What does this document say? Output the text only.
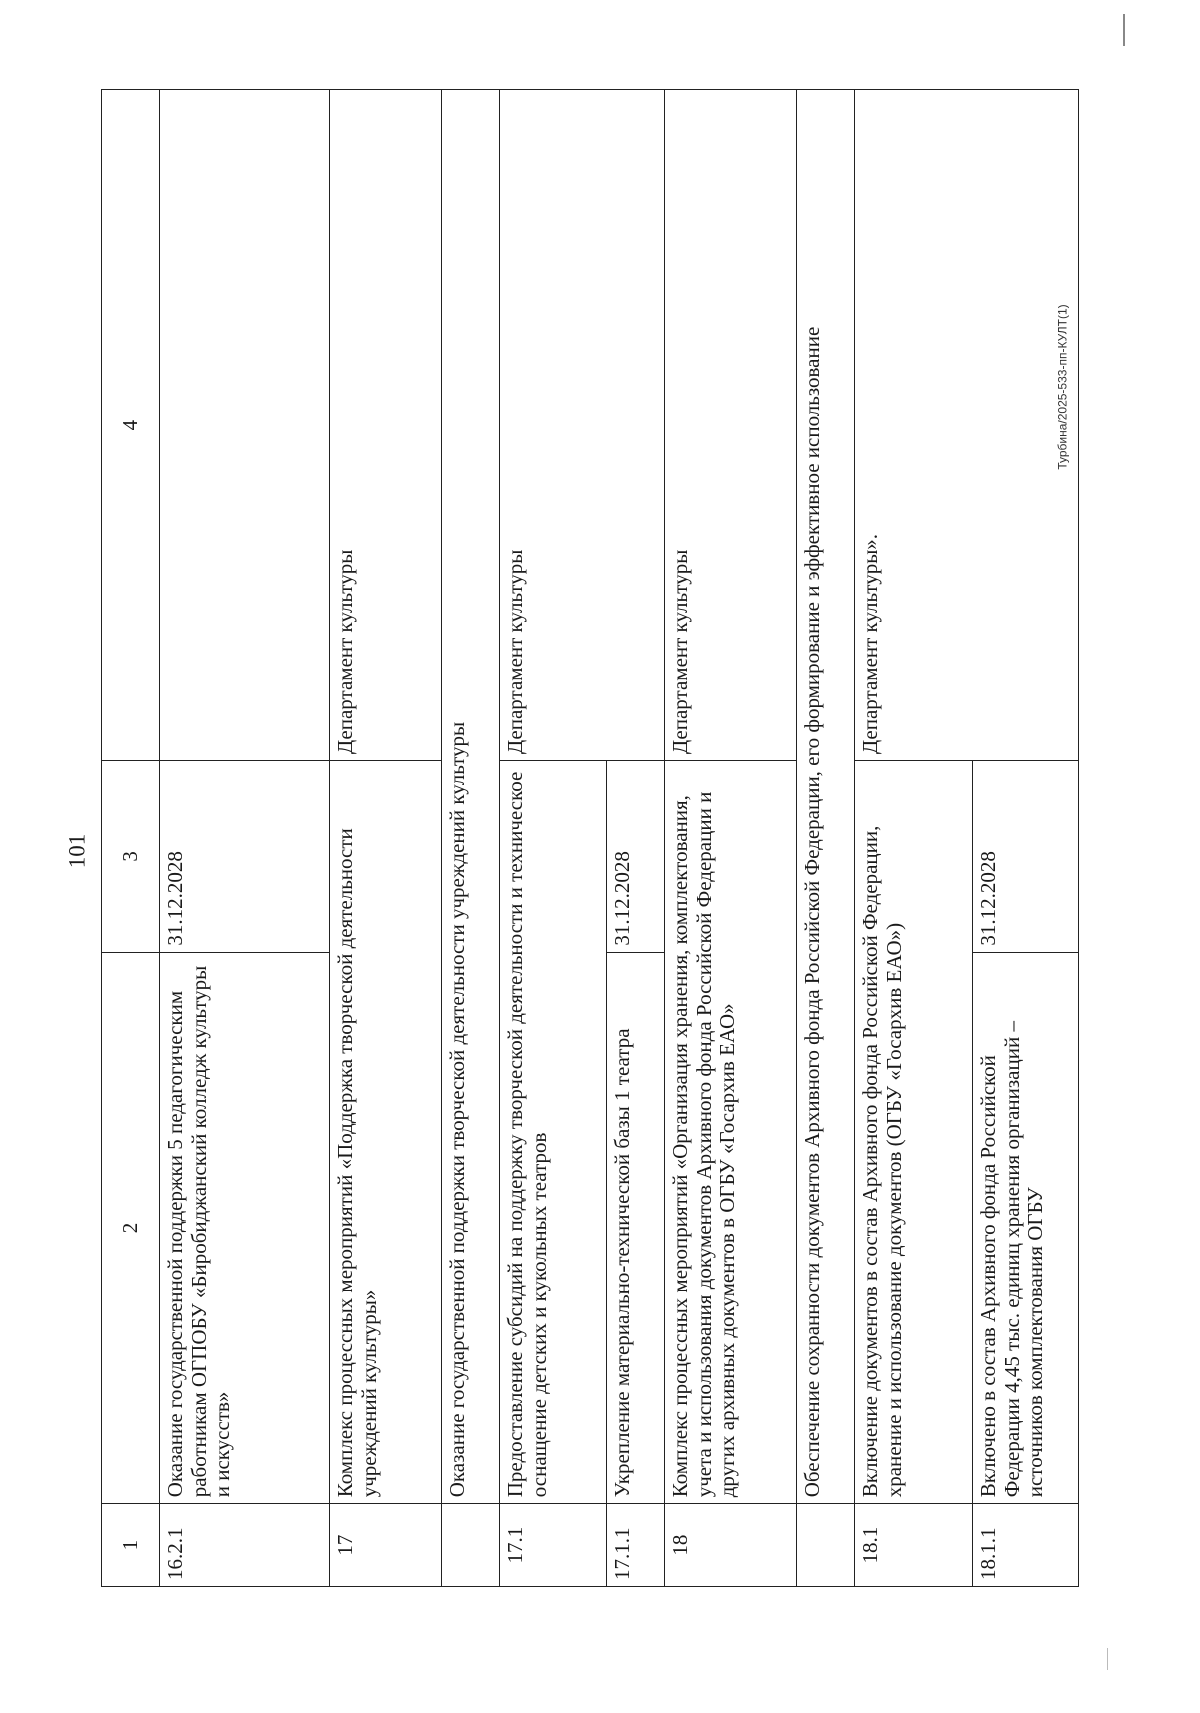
101
Турбина/2025-533-пп-КУЛТ(1)
1	2	3	4
16.2.1	Оказание государственной поддержки 5 педагогическим работникам ОГПОБУ «Биробиджанский колледж культуры и искусств»	31.12.2028	
17	Комплекс процессных мероприятий «Поддержка творческой деятельности учреждений культуры»		Департамент культуры
	Оказание государственной поддержки творческой деятельности учреждений культуры		
17.1	Предоставление субсидий на поддержку творческой деятельности и техническое оснащение детских и кукольных театров		Департамент культуры
17.1.1	Укрепление материально-технической базы 1 театра	31.12.2028	
18	Комплекс процессных мероприятий «Организация хранения, комплектования, учета и использования документов Архивного фонда Российской Федерации и других архивных документов в ОГБУ «Госархив ЕАО»		Департамент культуры
	Обеспечение сохранности документов Архивного фонда Российской Федерации, его формирование и эффективное использование		
18.1	Включение документов в состав Архивного фонда Российской Федерации, хранение и использование документов (ОГБУ «Госархив ЕАО»)		Департамент культуры».
18.1.1	Включено в состав Архивного фонда Российской Федерации 4,45 тыс. единиц хранения организаций – источников комплектования ОГБУ	31.12.2028	
